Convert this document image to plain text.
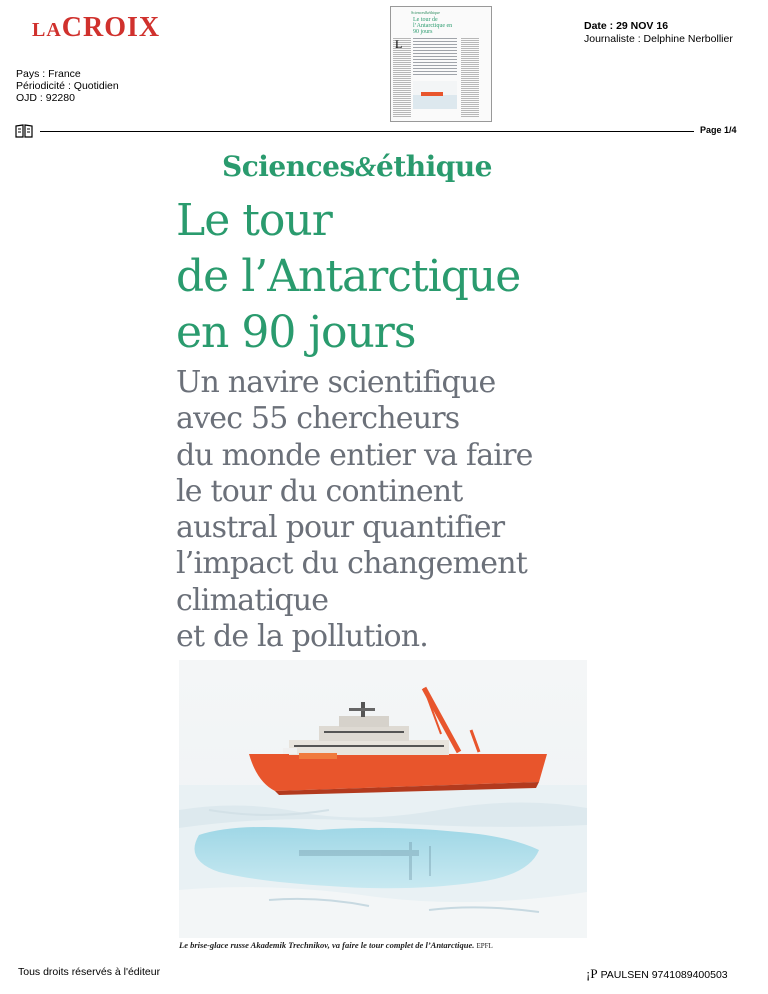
LACROIX	Sciences&éthique
Le tour de l’Antarctique en 90 jours
L
Date : 29 NOV 16
Journaliste : Delphine Nerbollier
Pays : France
Périodicité : Quotidien
OJD : 92280
Page 1/4
Sciences&éthique
Le tour
de l’Antarctique
en 90 jours
Un navire scientifique
avec 55 chercheurs
du monde entier va faire
le tour du continent
austral pour quantifier
l’impact du changement
climatique
et de la pollution.
Le brise-glace russe Akademik Trechnikov, va faire le tour complet de l’Antarctique. EPFL
Tous droits réservés à l'éditeur	¡P PAULSEN 9741089400503
